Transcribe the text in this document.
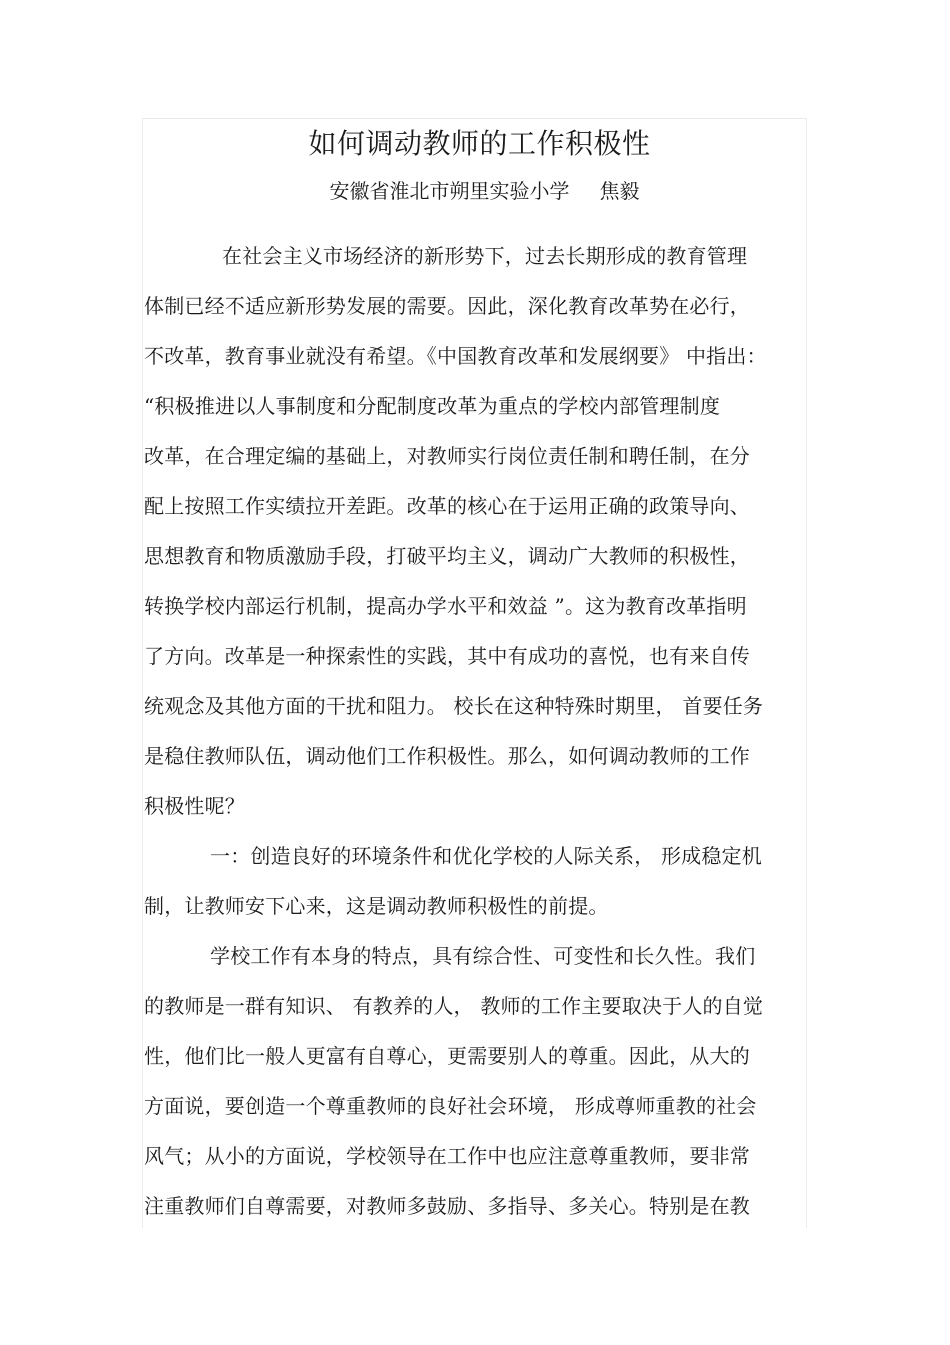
如何调动教师的工作积极性
安徽省淮北市朔里实验小学 焦毅
在社会主义市场经济的新形势下，过去长期形成的教育管理
体制已经不适应新形势发展的需要。因此，深化教育改革势在必行，
不改革，教育事业就没有希望。《中国教育改革和发展纲要》 中指出：
“积极推进以人事制度和分配制度改革为重点的学校内部管理制度
改革，在合理定编的基础上，对教师实行岗位责任制和聘任制，在分
配上按照工作实绩拉开差距。改革的核心在于运用正确的政策导向、
思想教育和物质激励手段，打破平均主义，调动广大教师的积极性，
转换学校内部运行机制，提高办学水平和效益 ”。这为教育改革指明
了方向。改革是一种探索性的实践，其中有成功的喜悦，也有来自传
统观念及其他方面的干扰和阻力。 校长在这种特殊时期里， 首要任务
是稳住教师队伍，调动他们工作积极性。那么，如何调动教师的工作
积极性呢？
一：创造良好的环境条件和优化学校的人际关系， 形成稳定机
制，让教师安下心来，这是调动教师积极性的前提。
学校工作有本身的特点，具有综合性、可变性和长久性。我们
的教师是一群有知识、 有教养的人， 教师的工作主要取决于人的自觉
性，他们比一般人更富有自尊心，更需要别人的尊重。因此，从大的
方面说，要创造一个尊重教师的良好社会环境， 形成尊师重教的社会
风气；从小的方面说，学校领导在工作中也应注意尊重教师，要非常
注重教师们自尊需要，对教师多鼓励、多指导、多关心。特别是在教
